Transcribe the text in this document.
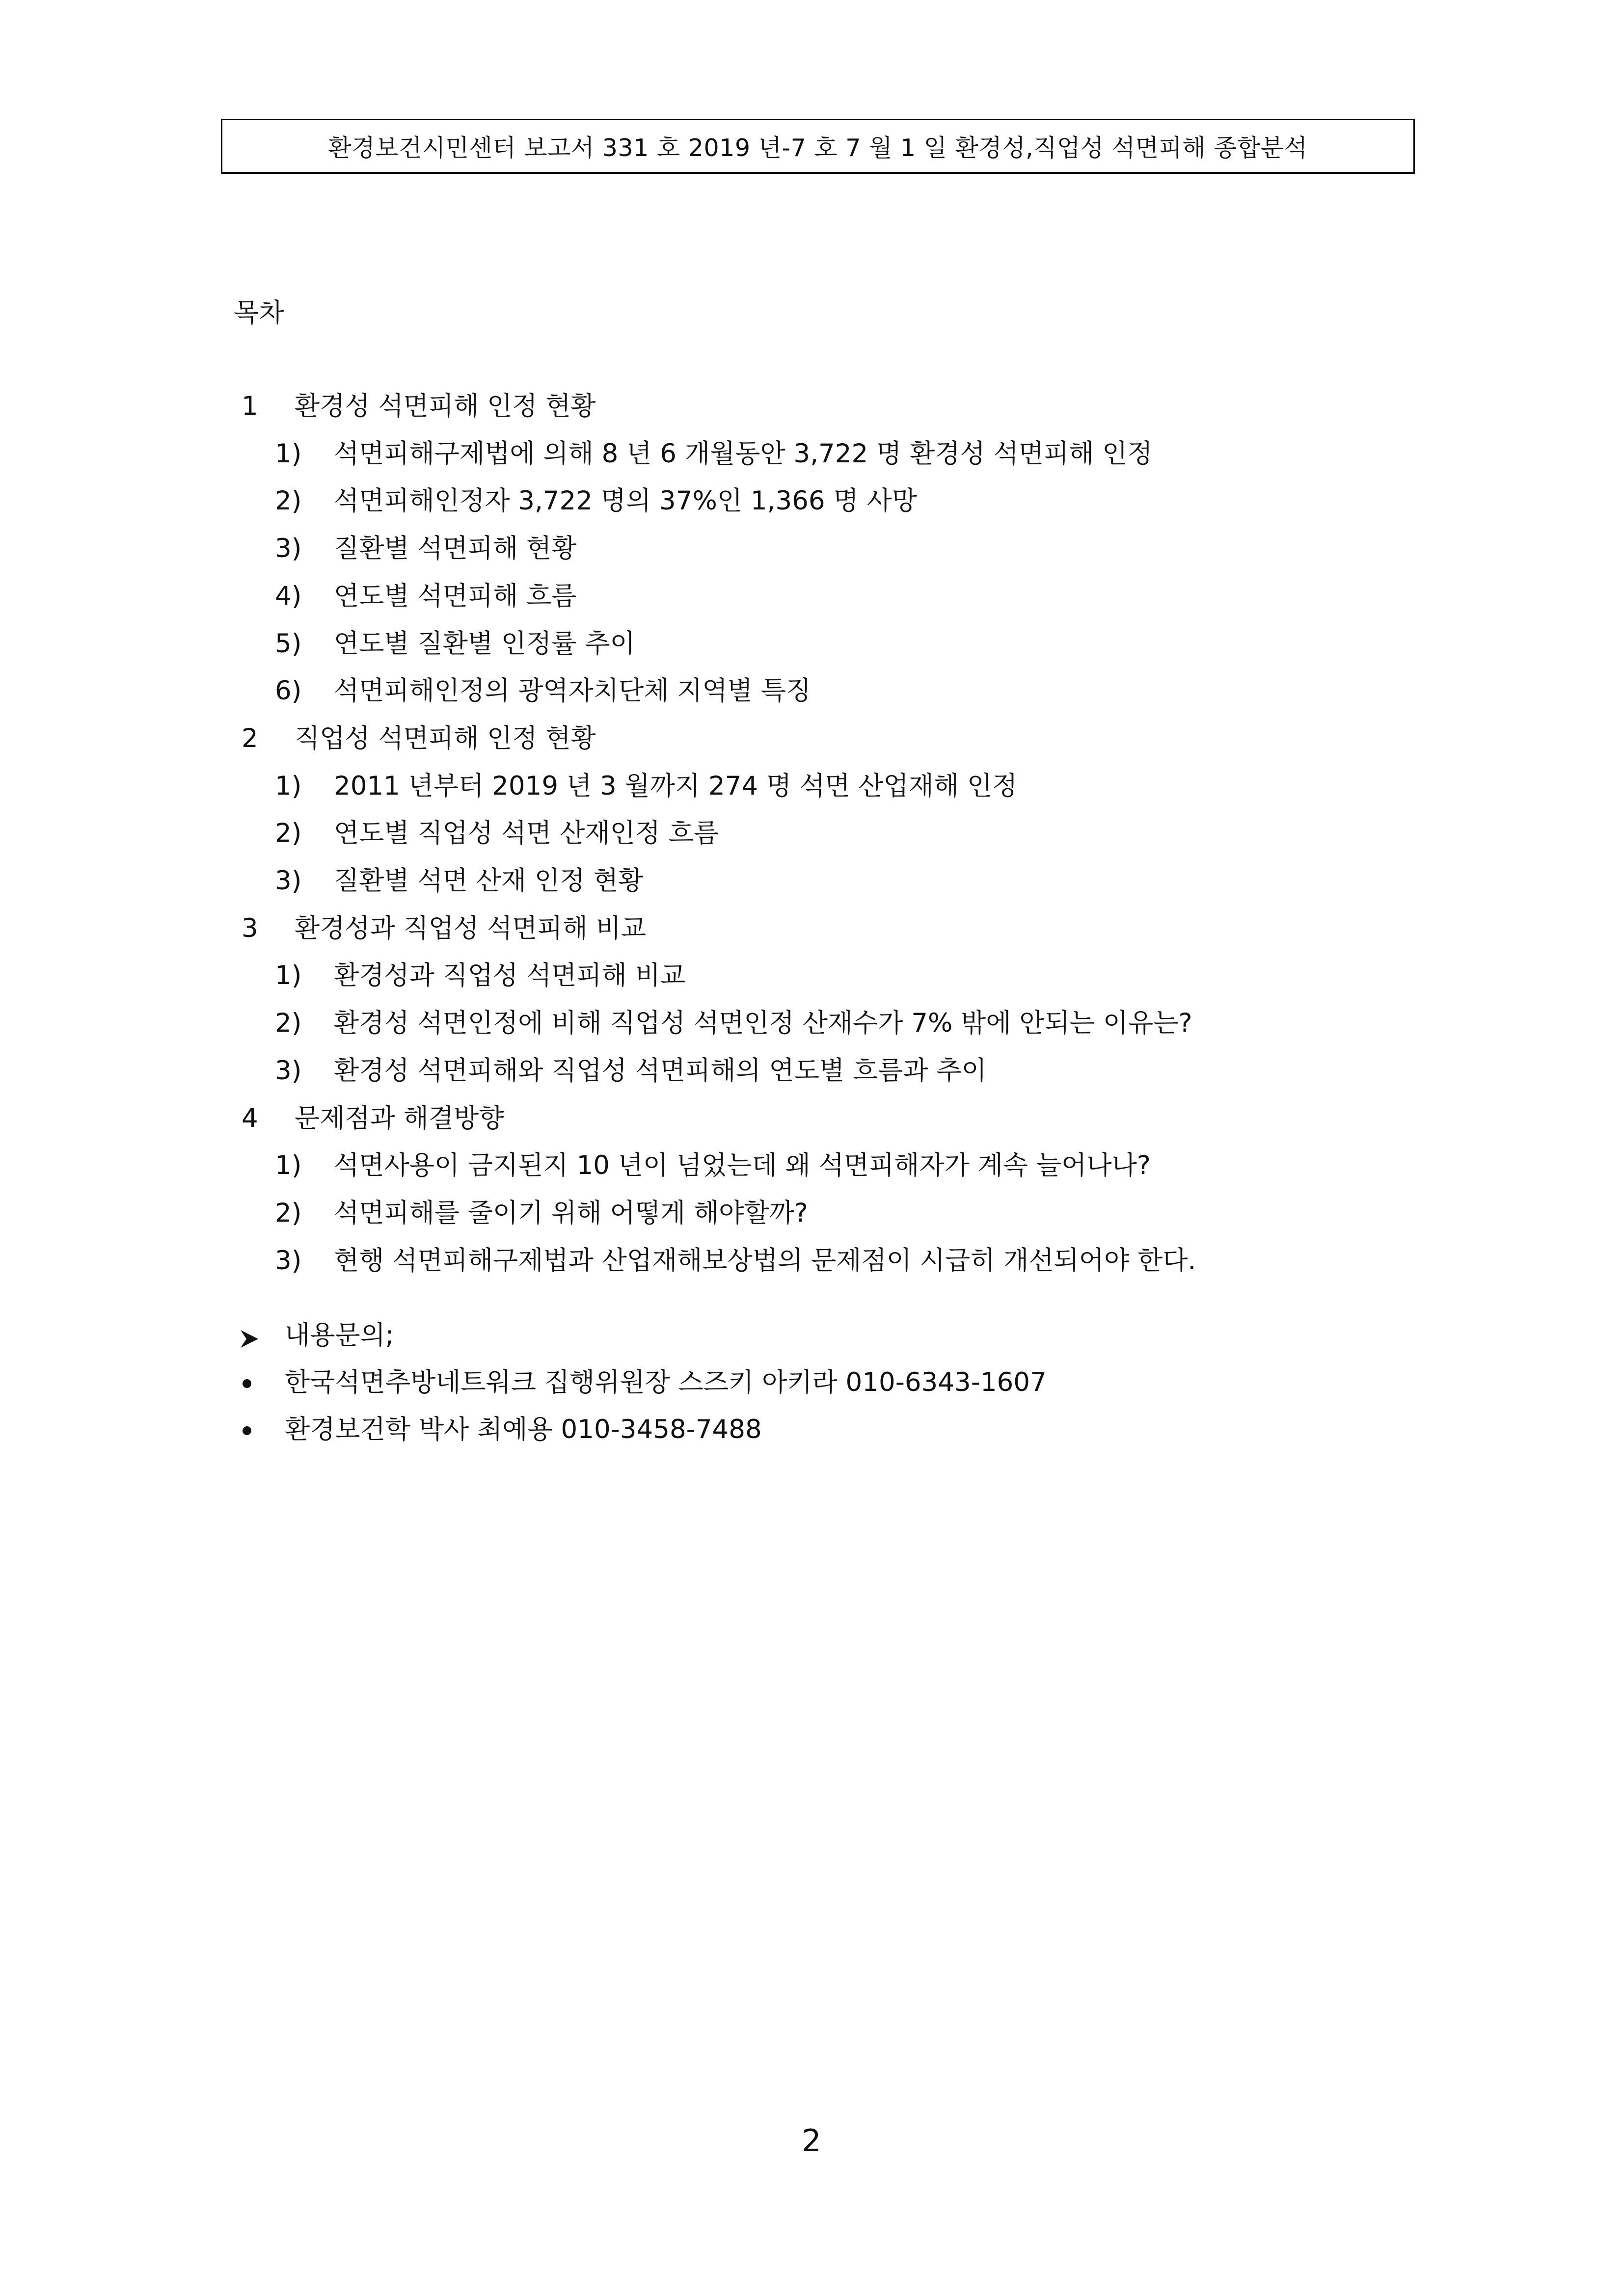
환경보건시민센터 보고서 331 호 2019 년-7 호 7 월 1 일 환경성,직업성 석면피해 종합분석
목차
1 환경성 석면피해 인정 현황
1) 석면피해구제법에 의해 8 년 6 개월동안 3,722 명 환경성 석면피해 인정
2) 석면피해인정자 3,722 명의 37%인 1,366 명 사망
3) 질환별 석면피해 현황
4) 연도별 석면피해 흐름
5) 연도별 질환별 인정률 추이
6) 석면피해인정의 광역자치단체 지역별 특징
2 직업성 석면피해 인정 현황
1) 2011 년부터 2019 년 3 월까지 274 명 석면 산업재해 인정
2) 연도별 직업성 석면 산재인정 흐름
3) 질환별 석면 산재 인정 현황
3 환경성과 직업성 석면피해 비교
1) 환경성과 직업성 석면피해 비교
2) 환경성 석면인정에 비해 직업성 석면인정 산재수가 7% 밖에 안되는 이유는?
3) 환경성 석면피해와 직업성 석면피해의 연도별 흐름과 추이
4 문제점과 해결방향
1) 석면사용이 금지된지 10 년이 넘었는데 왜 석면피해자가 계속 늘어나나?
2) 석면피해를 줄이기 위해 어떻게 해야할까?
3) 현행 석면피해구제법과 산업재해보상법의 문제점이 시급히 개선되어야 한다.
내용문의;
한국석면추방네트워크 집행위원장 스즈키 아키라 010-6343-1607
환경보건학 박사 최예용 010-3458-7488
2
